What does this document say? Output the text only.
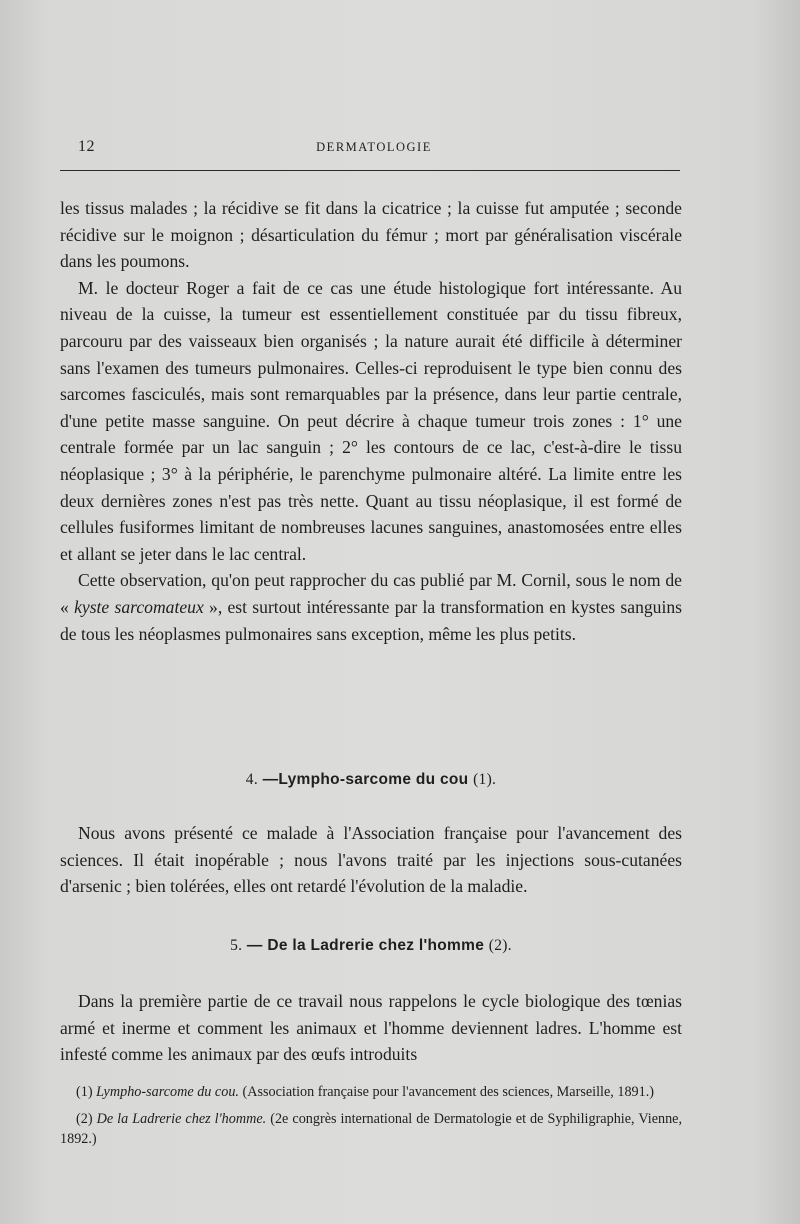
12	DERMATOLOGIE

les tissus malades ; la récidive se fit dans la cicatrice ; la cuisse fut amputée ; seconde récidive sur le moignon ; désarticulation du fémur ; mort par généralisation viscérale dans les poumons.

M. le docteur Roger a fait de ce cas une étude histologique fort intéressante. Au niveau de la cuisse, la tumeur est essentiellement constituée par du tissu fibreux, parcouru par des vaisseaux bien organisés ; la nature aurait été difficile à déterminer sans l'examen des tumeurs pulmonaires. Celles-ci reproduisent le type bien connu des sarcomes fasciculés, mais sont remarquables par la présence, dans leur partie centrale, d'une petite masse sanguine. On peut décrire à chaque tumeur trois zones : 1° une centrale formée par un lac sanguin ; 2° les contours de ce lac, c'est-à-dire le tissu néoplasique ; 3° à la périphérie, le parenchyme pulmonaire altéré. La limite entre les deux dernières zones n'est pas très nette. Quant au tissu néoplasique, il est formé de cellules fusiformes limitant de nombreuses lacunes sanguines, anastomosées entre elles et allant se jeter dans le lac central.

Cette observation, qu'on peut rapprocher du cas publié par M. Cornil, sous le nom de « kyste sarcomateux », est surtout intéressante par la transformation en kystes sanguins de tous les néoplasmes pulmonaires sans exception, même les plus petits.

4. —Lympho-sarcome du cou (1).

Nous avons présenté ce malade à l'Association française pour l'avancement des sciences. Il était inopérable ; nous l'avons traité par les injections sous-cutanées d'arsenic ; bien tolérées, elles ont retardé l'évolution de la maladie.

5. — De la Ladrerie chez l'homme (2).

Dans la première partie de ce travail nous rappelons le cycle biologique des tœnias armé et inerme et comment les animaux et l'homme deviennent ladres. L'homme est infesté comme les animaux par des œufs introduits

(1) Lympho-sarcome du cou. (Association française pour l'avancement des sciences, Marseille, 1891.)

(2) De la Ladrerie chez l'homme. (2e congrès international de Dermatologie et de Syphiligraphie, Vienne, 1892.)
